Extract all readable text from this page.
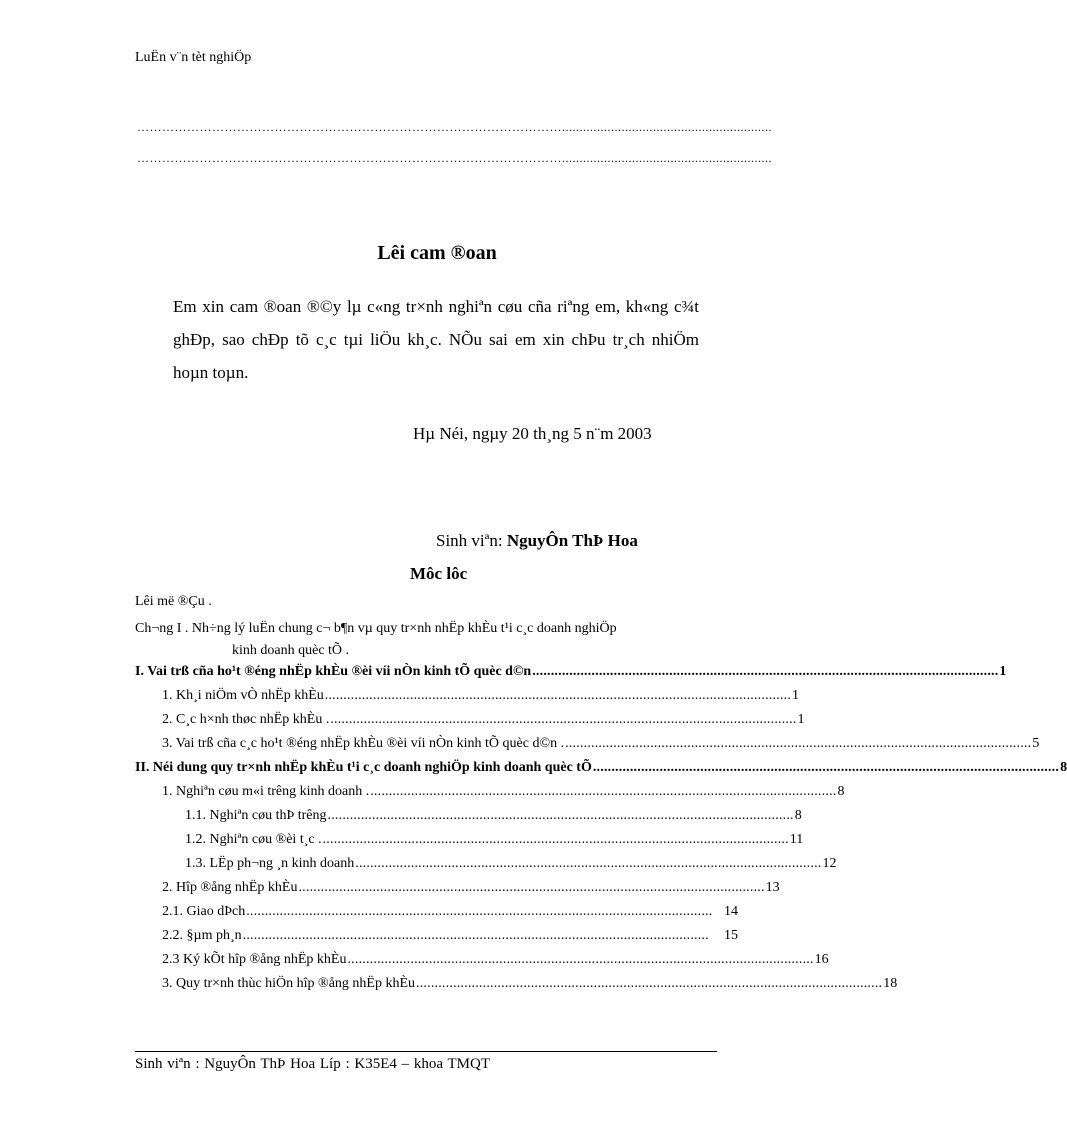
LuËn v¨n tèt nghiÖp
…………………………………………………………………………………………............................................................
…………………………………………………………………………………………............................................................
Lêi cam ®oan
Em xin cam ®oan ®©y lµ c«ng tr×nh nghiªn cøu cña riªng em, kh«ng c¾t ghÐp, sao chÐp tõ c¸c tµi liÖu kh¸c. NÕu sai em xin chÞu tr¸ch nhiÖm hoµn toµn.
Hµ Néi, ngµy 20 th¸ng 5 n¨m 2003
Sinh viªn: NguyÔn ThÞ Hoa
Môc lôc
Lêi më ®Çu .
Ch¬ng I . Nh÷ng lý luËn chung c¬ b¶n vµ quy tr×nh nhËp khÈu t¹i c¸c doanh nghiÖp
kinh doanh quèc tÕ .
I. Vai trß cña ho¹t ®éng nhËp khÈu ®èi víi nÒn kinh tÕ quèc d©n .............................................................................................................................. 1
1. Kh¸i niÖm vÒ nhËp khÈu .............................................................................................................................. 1
2. C¸c h×nh thøc nhËp khÈu . .............................................................................................................................. 1
3. Vai trß cña c¸c ho¹t ®éng nhËp khÈu ®èi víi nÒn kinh tÕ quèc d©n . .............................................................................................................................. 5
II. Néi dung quy tr×nh nhËp khÈu t¹i c¸c doanh nghiÖp kinh doanh quèc tÕ .............................................................................................................................. 8
1. Nghiªn cøu m«i trêng kinh doanh . .............................................................................................................................. 8
1.1. Nghiªn cøu thÞ trêng .............................................................................................................................. 8
1.2. Nghiªn cøu ®èi t¸c . .............................................................................................................................. 11
1.3. LËp ph¬ng ¸n kinh doanh .............................................................................................................................. 12
2. Hîp ®ång nhËp khÈu .............................................................................................................................. 13
2.1. Giao dÞch .............................................................................................................................. 14
2.2. §µm ph¸n ..............................................................................................................................	15
2.3 Ký kÕt hîp ®ång nhËp khÈu .............................................................................................................................. 16
3. Quy tr×nh thùc hiÖn hîp ®ång nhËp khÈu .............................................................................................................................. 18
Sinh viªn : NguyÔn ThÞ Hoa Líp : K35E4 – khoa TMQT
